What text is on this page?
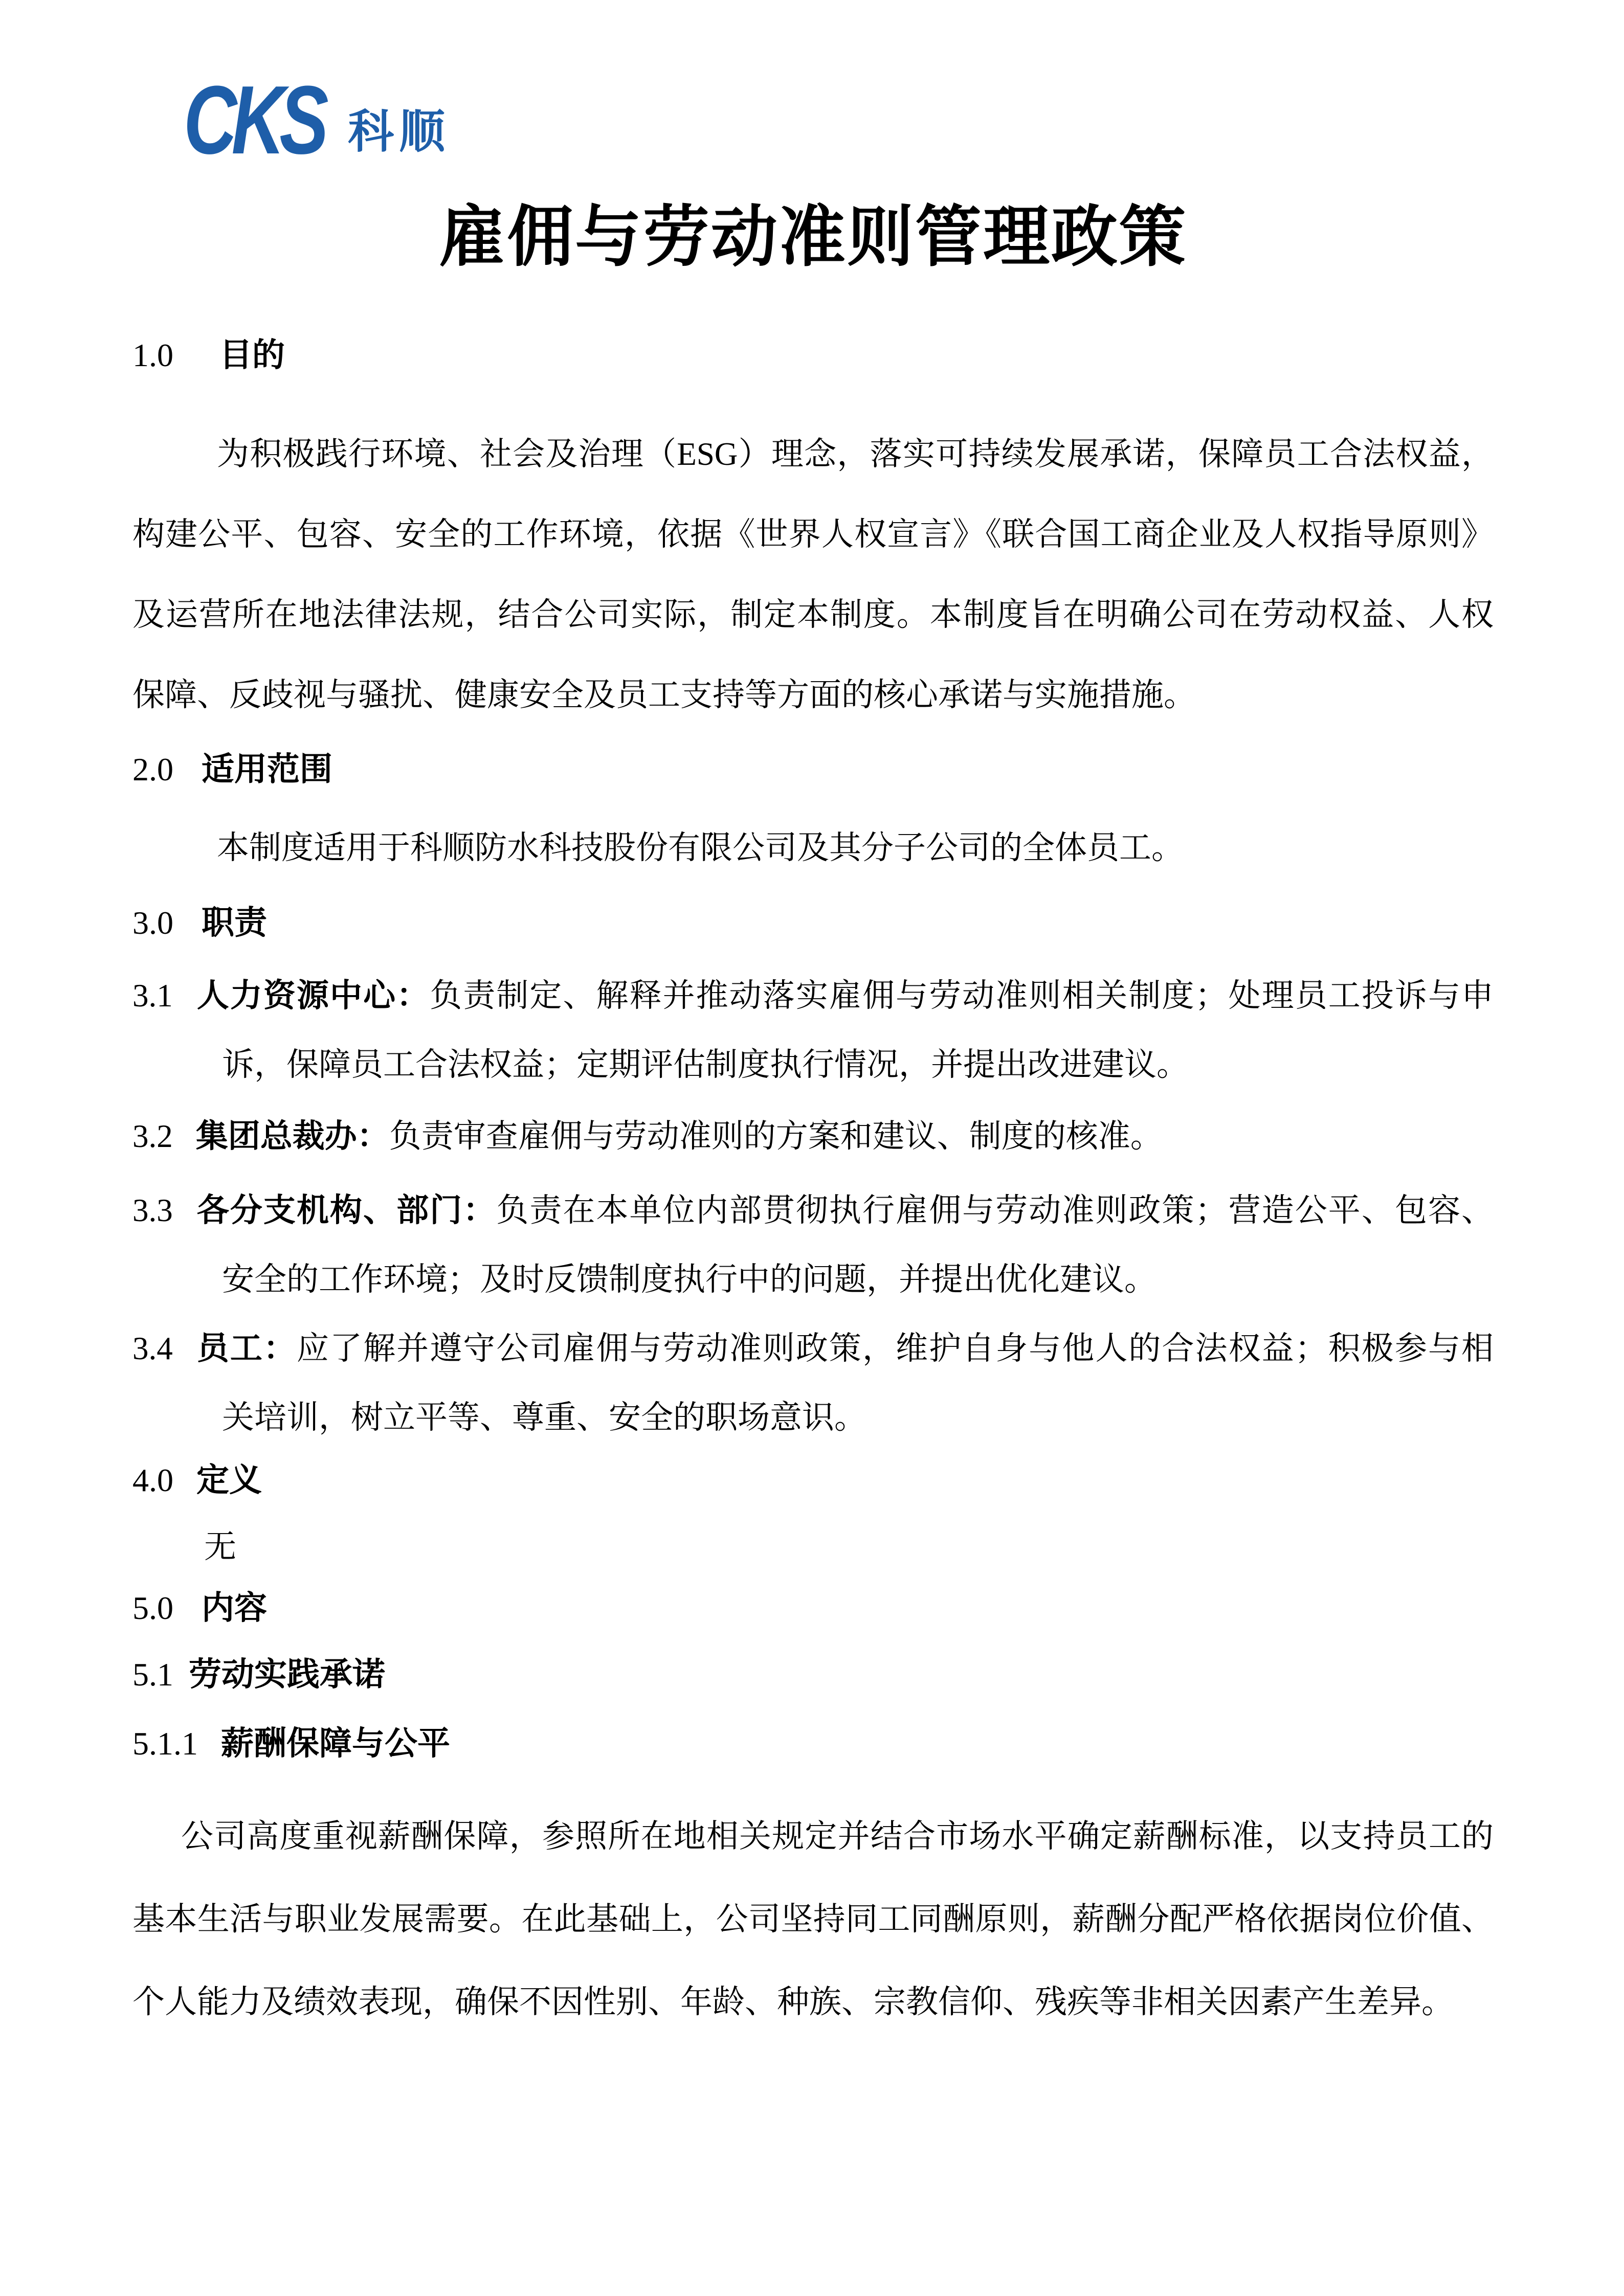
CKS 科顺
雇佣与劳动准则管理政策
1.0 目的
为积极践行环境、社会及治理（ESG）理念，落实可持续发展承诺，保障员工合法权益，
构建公平、包容、安全的工作环境，依据《世界人权宣言》《联合国工商企业及人权指导原则》
及运营所在地法律法规，结合公司实际，制定本制度。本制度旨在明确公司在劳动权益、人权
保障、反歧视与骚扰、健康安全及员工支持等方面的核心承诺与实施措施。
2.0 适用范围
本制度适用于科顺防水科技股份有限公司及其分子公司的全体员工。
3.0 职责
3.1 人力资源中心：负责制定、解释并推动落实雇佣与劳动准则相关制度；处理员工投诉与申
诉，保障员工合法权益；定期评估制度执行情况，并提出改进建议。
3.2 集团总裁办：负责审查雇佣与劳动准则的方案和建议、制度的核准。
3.3 各分支机构、部门：负责在本单位内部贯彻执行雇佣与劳动准则政策；营造公平、包容、
安全的工作环境；及时反馈制度执行中的问题，并提出优化建议。
3.4 员工：应了解并遵守公司雇佣与劳动准则政策，维护自身与他人的合法权益；积极参与相
关培训，树立平等、尊重、安全的职场意识。
4.0 定义
无
5.0 内容
5.1 劳动实践承诺
5.1.1 薪酬保障与公平
公司高度重视薪酬保障，参照所在地相关规定并结合市场水平确定薪酬标准，以支持员工的
基本生活与职业发展需要。在此基础上，公司坚持同工同酬原则，薪酬分配严格依据岗位价值、
个人能力及绩效表现，确保不因性别、年龄、种族、宗教信仰、残疾等非相关因素产生差异。
